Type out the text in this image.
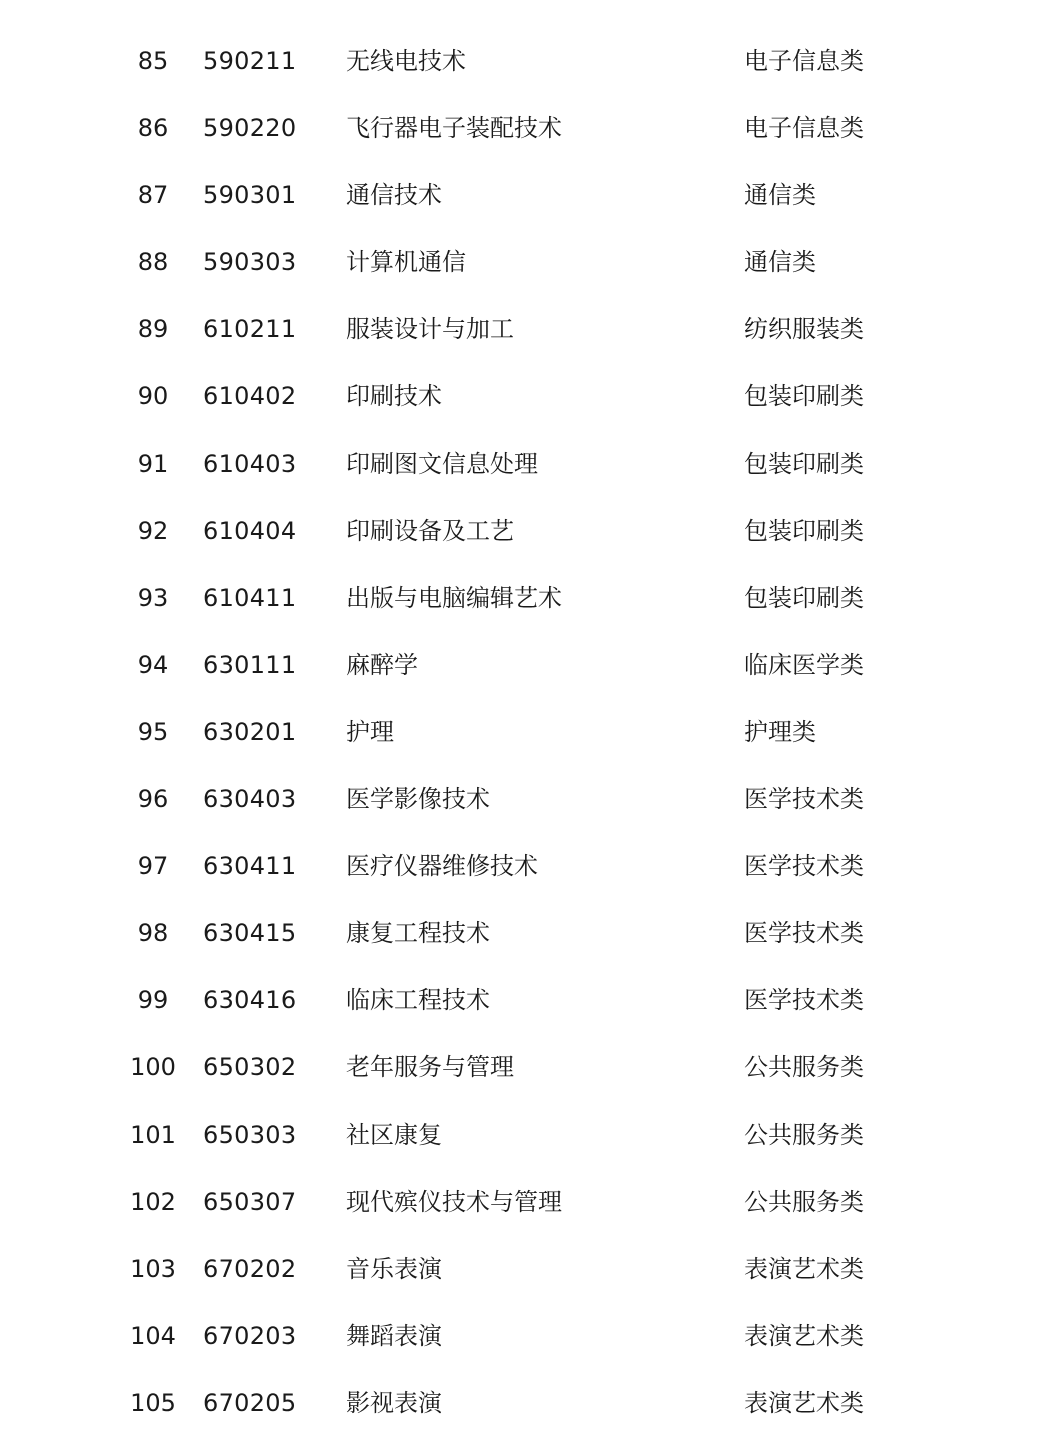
85	590211 无线电技术	电子信息类
86	590220 飞行器电子装配技术	电子信息类
87	590301 通信技术	通信类
88	590303 计算机通信	通信类
89	610211 服装设计与加工	纺织服装类
90	610402 印刷技术	包装印刷类
91	610403 印刷图文信息处理	包装印刷类
92	610404 印刷设备及工艺	包装印刷类
93	610411 出版与电脑编辑艺术	包装印刷类
94	630111 麻醉学	临床医学类
95	630201 护理	护理类
96	630403 医学影像技术	医学技术类
97	630411 医疗仪器维修技术	医学技术类
98	630415 康复工程技术	医学技术类
99	630416 临床工程技术	医学技术类
100	650302 老年服务与管理	公共服务类
101	650303 社区康复	公共服务类
102	650307 现代殡仪技术与管理	公共服务类
103	670202 音乐表演	表演艺术类
104	670203 舞蹈表演	表演艺术类
105	670205 影视表演	表演艺术类
